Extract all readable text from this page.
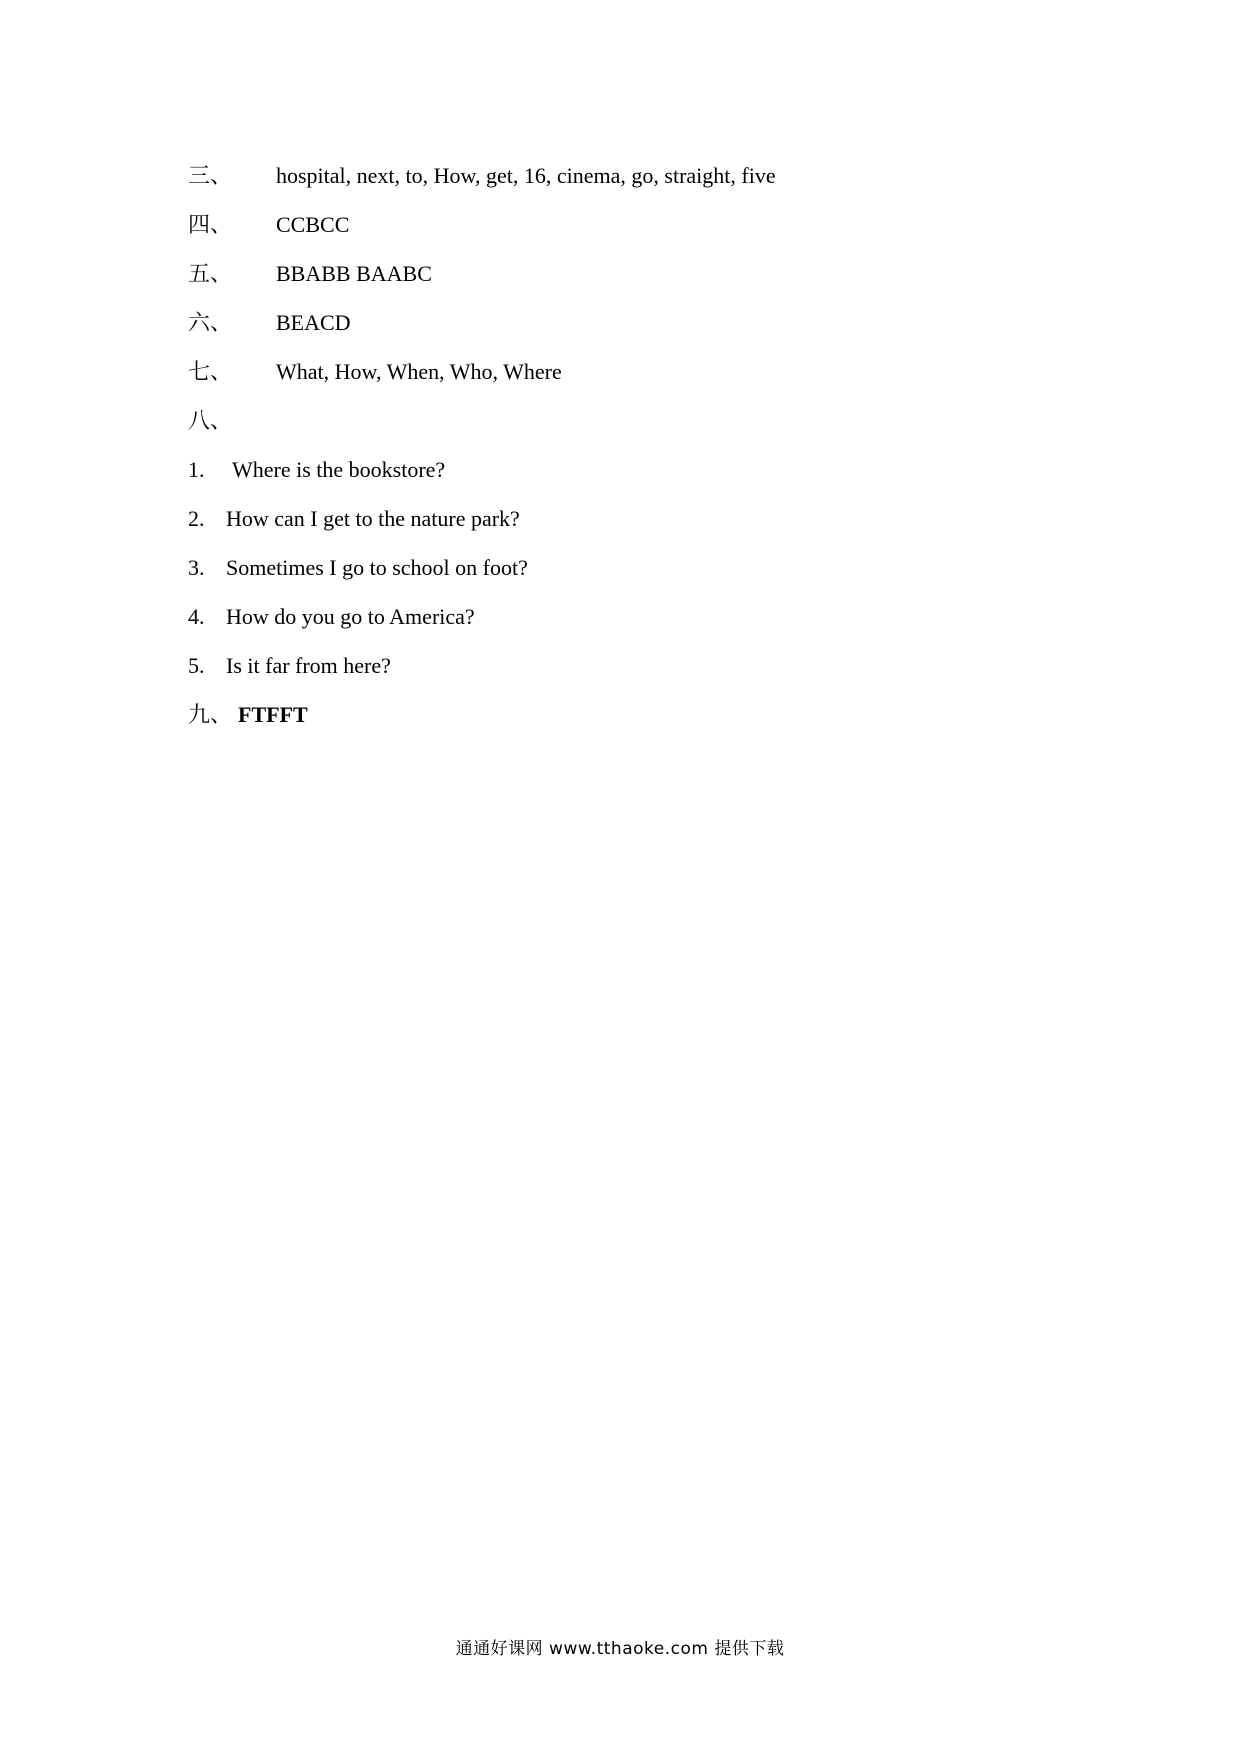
三、 hospital, next, to, How, get, 16, cinema, go, straight, five
四、 CCBCC
五、 BBABB BAABC
六、 BEACD
七、 What, How, When, Who, Where
八、
1. Where is the bookstore?
2. How can I get to the nature park?
3. Sometimes I go to school on foot?
4. How do you go to America?
5. Is it far from here?
九、 FTFFT
通通好课网 www.tthaoke.com 提供下载
